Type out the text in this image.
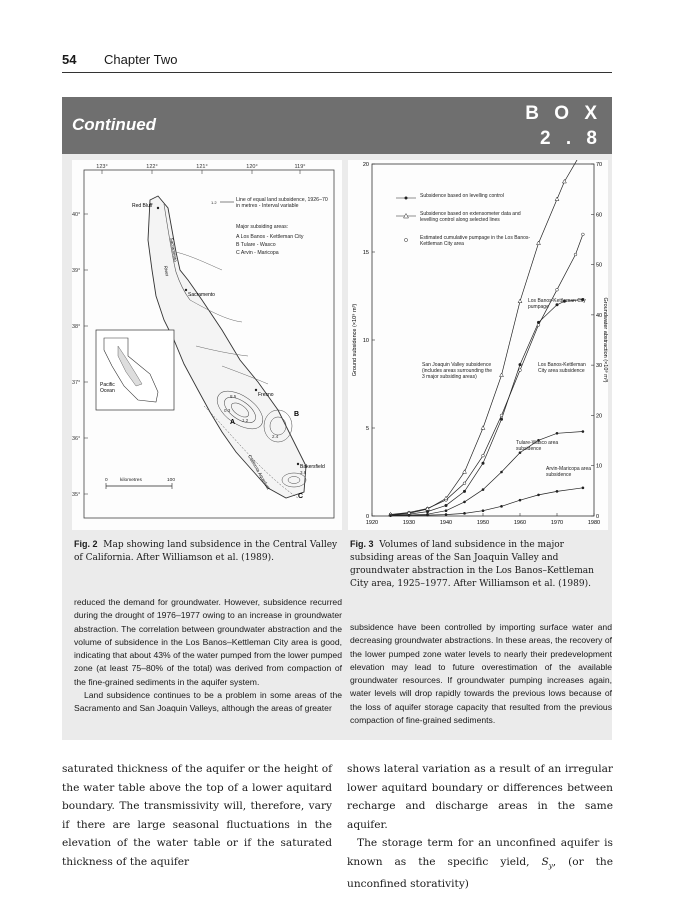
54 Chapter Two
Continued
B O X
2 . 8
123°	122°	121°	120°	119°
40°
39°
38°
37°
36°
35°
8.5
0.3
1.2
2.4
3.8
A
B
C
Red Bluff
Sacramento
Fresno
Bakersfield
Sacramento
River
California Aqueduct
Pacific
Ocean
1.2	Line of equal land subsidence, 1926–70 in metres - Interval variable
Major subsiding areas:
A Los Banos - Kettleman City
B Tulare - Wasco
C Arvin - Maricopa
0	kilometres	100
1920	1930	1940	1950	1960	1970	1980
0
5
10
15
20
0
10
20
30
40
50
60
70
Ground subsidence (×10⁹ m³)	Groundwater abstraction (×10⁹ m³)
Subsidence based on levelling control
Subsidence based on extensometer data and levelling control along selected lines
Estimated cumulative pumpage in the Los Banos-Kettleman City area
Los Banos-Kettleman City pumpage
San Joaquin Valley subsidence (includes areas surrounding the 3 major subsiding areas)
Los Banos-Kettleman City area subsidence
Tulare-Wasco area subsidence
Arvin-Maricopa area subsidence
Fig. 2 Map showing land subsidence in the Central Valley of California. After Williamson et al. (1989).
Fig. 3 Volumes of land subsidence in the major subsiding areas of the San Joaquin Valley and groundwater abstraction in the Los Banos–Kettleman City area, 1925–1977. After Williamson et al. (1989).

reduced the demand for groundwater. However, subsidence recurred during the drought of 1976–1977 owing to an increase in groundwater abstraction. The correlation between groundwater abstraction and the volume of subsidence in the Los Banos–Kettleman City area is good, indicating that about 43% of the water pumped from the lower pumped zone (at least 75–80% of the total) was derived from compaction of the fine-grained sediments in the aquifer system.

Land subsidence continues to be a problem in some areas of the Sacramento and San Joaquin Valleys, although the areas of greater

subsidence have been controlled by importing surface water and decreasing groundwater abstractions. In these areas, the recovery of the lower pumped zone water levels to nearly their predevelopment elevation may lead to future overestimation of the available groundwater resources. If groundwater pumping increases again, water levels will drop rapidly towards the previous lows because of the loss of aquifer storage capacity that resulted from the previous compaction of fine-grained sediments.

saturated thickness of the aquifer or the height of the water table above the top of a lower aquitard boundary. The transmissivity will, therefore, vary if there are large seasonal fluctuations in the elevation of the water table or if the saturated thickness of the aquifer

shows lateral variation as a result of an irregular lower aquitard boundary or differences between recharge and discharge areas in the same aquifer.

The storage term for an unconfined aquifer is known as the specific yield, $S_y$, (or the unconfined storativity)
